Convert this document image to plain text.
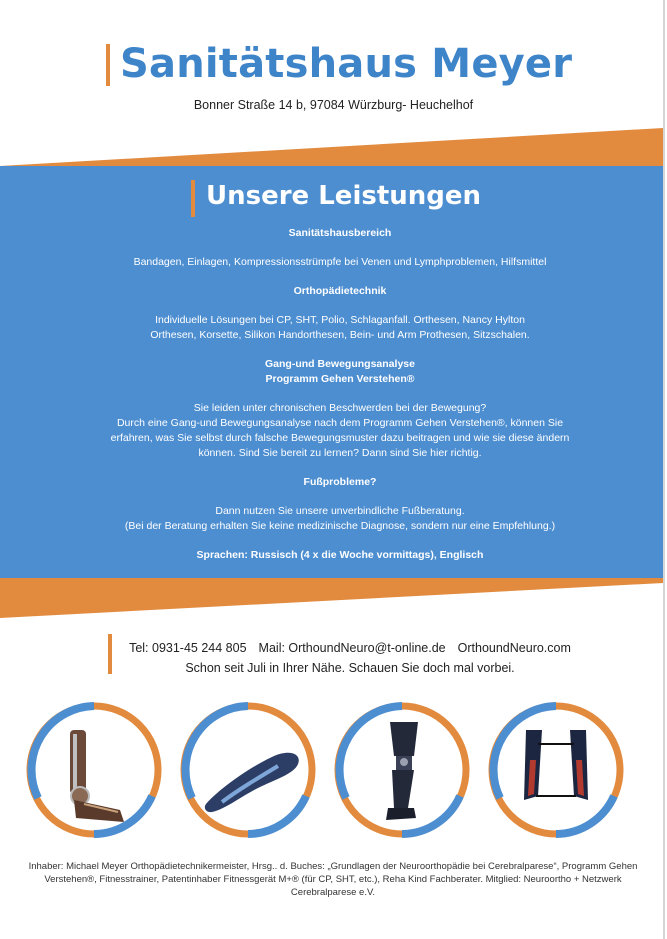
Sanitätshaus Meyer
Bonner Straße 14 b, 97084 Würzburg- Heuchelhof
Unsere Leistungen
Sanitätshausbereich
Bandagen, Einlagen, Kompressionsstrümpfe bei Venen und Lymphproblemen, Hilfsmittel
Orthopädietechnik
Individuelle Lösungen bei CP, SHT, Polio, Schlaganfall. Orthesen, Nancy Hylton
Orthesen, Korsette, Silikon Handorthesen, Bein- und Arm Prothesen, Sitzschalen.
Gang-und Bewegungsanalyse
Programm Gehen Verstehen®
Sie leiden unter chronischen Beschwerden bei der Bewegung?
Durch eine Gang-und Bewegungsanalyse nach dem Programm Gehen Verstehen®, können Sie
erfahren, was Sie selbst durch falsche Bewegungsmuster dazu beitragen und wie sie diese ändern
können. Sind Sie bereit zu lernen? Dann sind Sie hier richtig.
Fußprobleme?
Dann nutzen Sie unsere unverbindliche Fußberatung.
(Bei der Beratung erhalten Sie keine medizinische Diagnose, sondern nur eine Empfehlung.)
Sprachen: Russisch (4 x die Woche vormittags), Englisch
Tel: 0931-45 244 805 Mail: OrthoundNeuro@t-online.de OrthoundNeuro.com
Schon seit Juli in Ihrer Nähe. Schauen Sie doch mal vorbei.
Inhaber: Michael Meyer Orthopädietechnikermeister, Hrsg.. d. Buches: „Grundlagen der Neuroorthopädie bei Cerebralparese“, Programm Gehen Verstehen®, Fitnesstrainer, Patentinhaber Fitnessgerät M+® (für CP, SHT, etc.), Reha Kind Fachberater. Mitglied: Neuroortho + Netzwerk Cerebralparese e.V.
